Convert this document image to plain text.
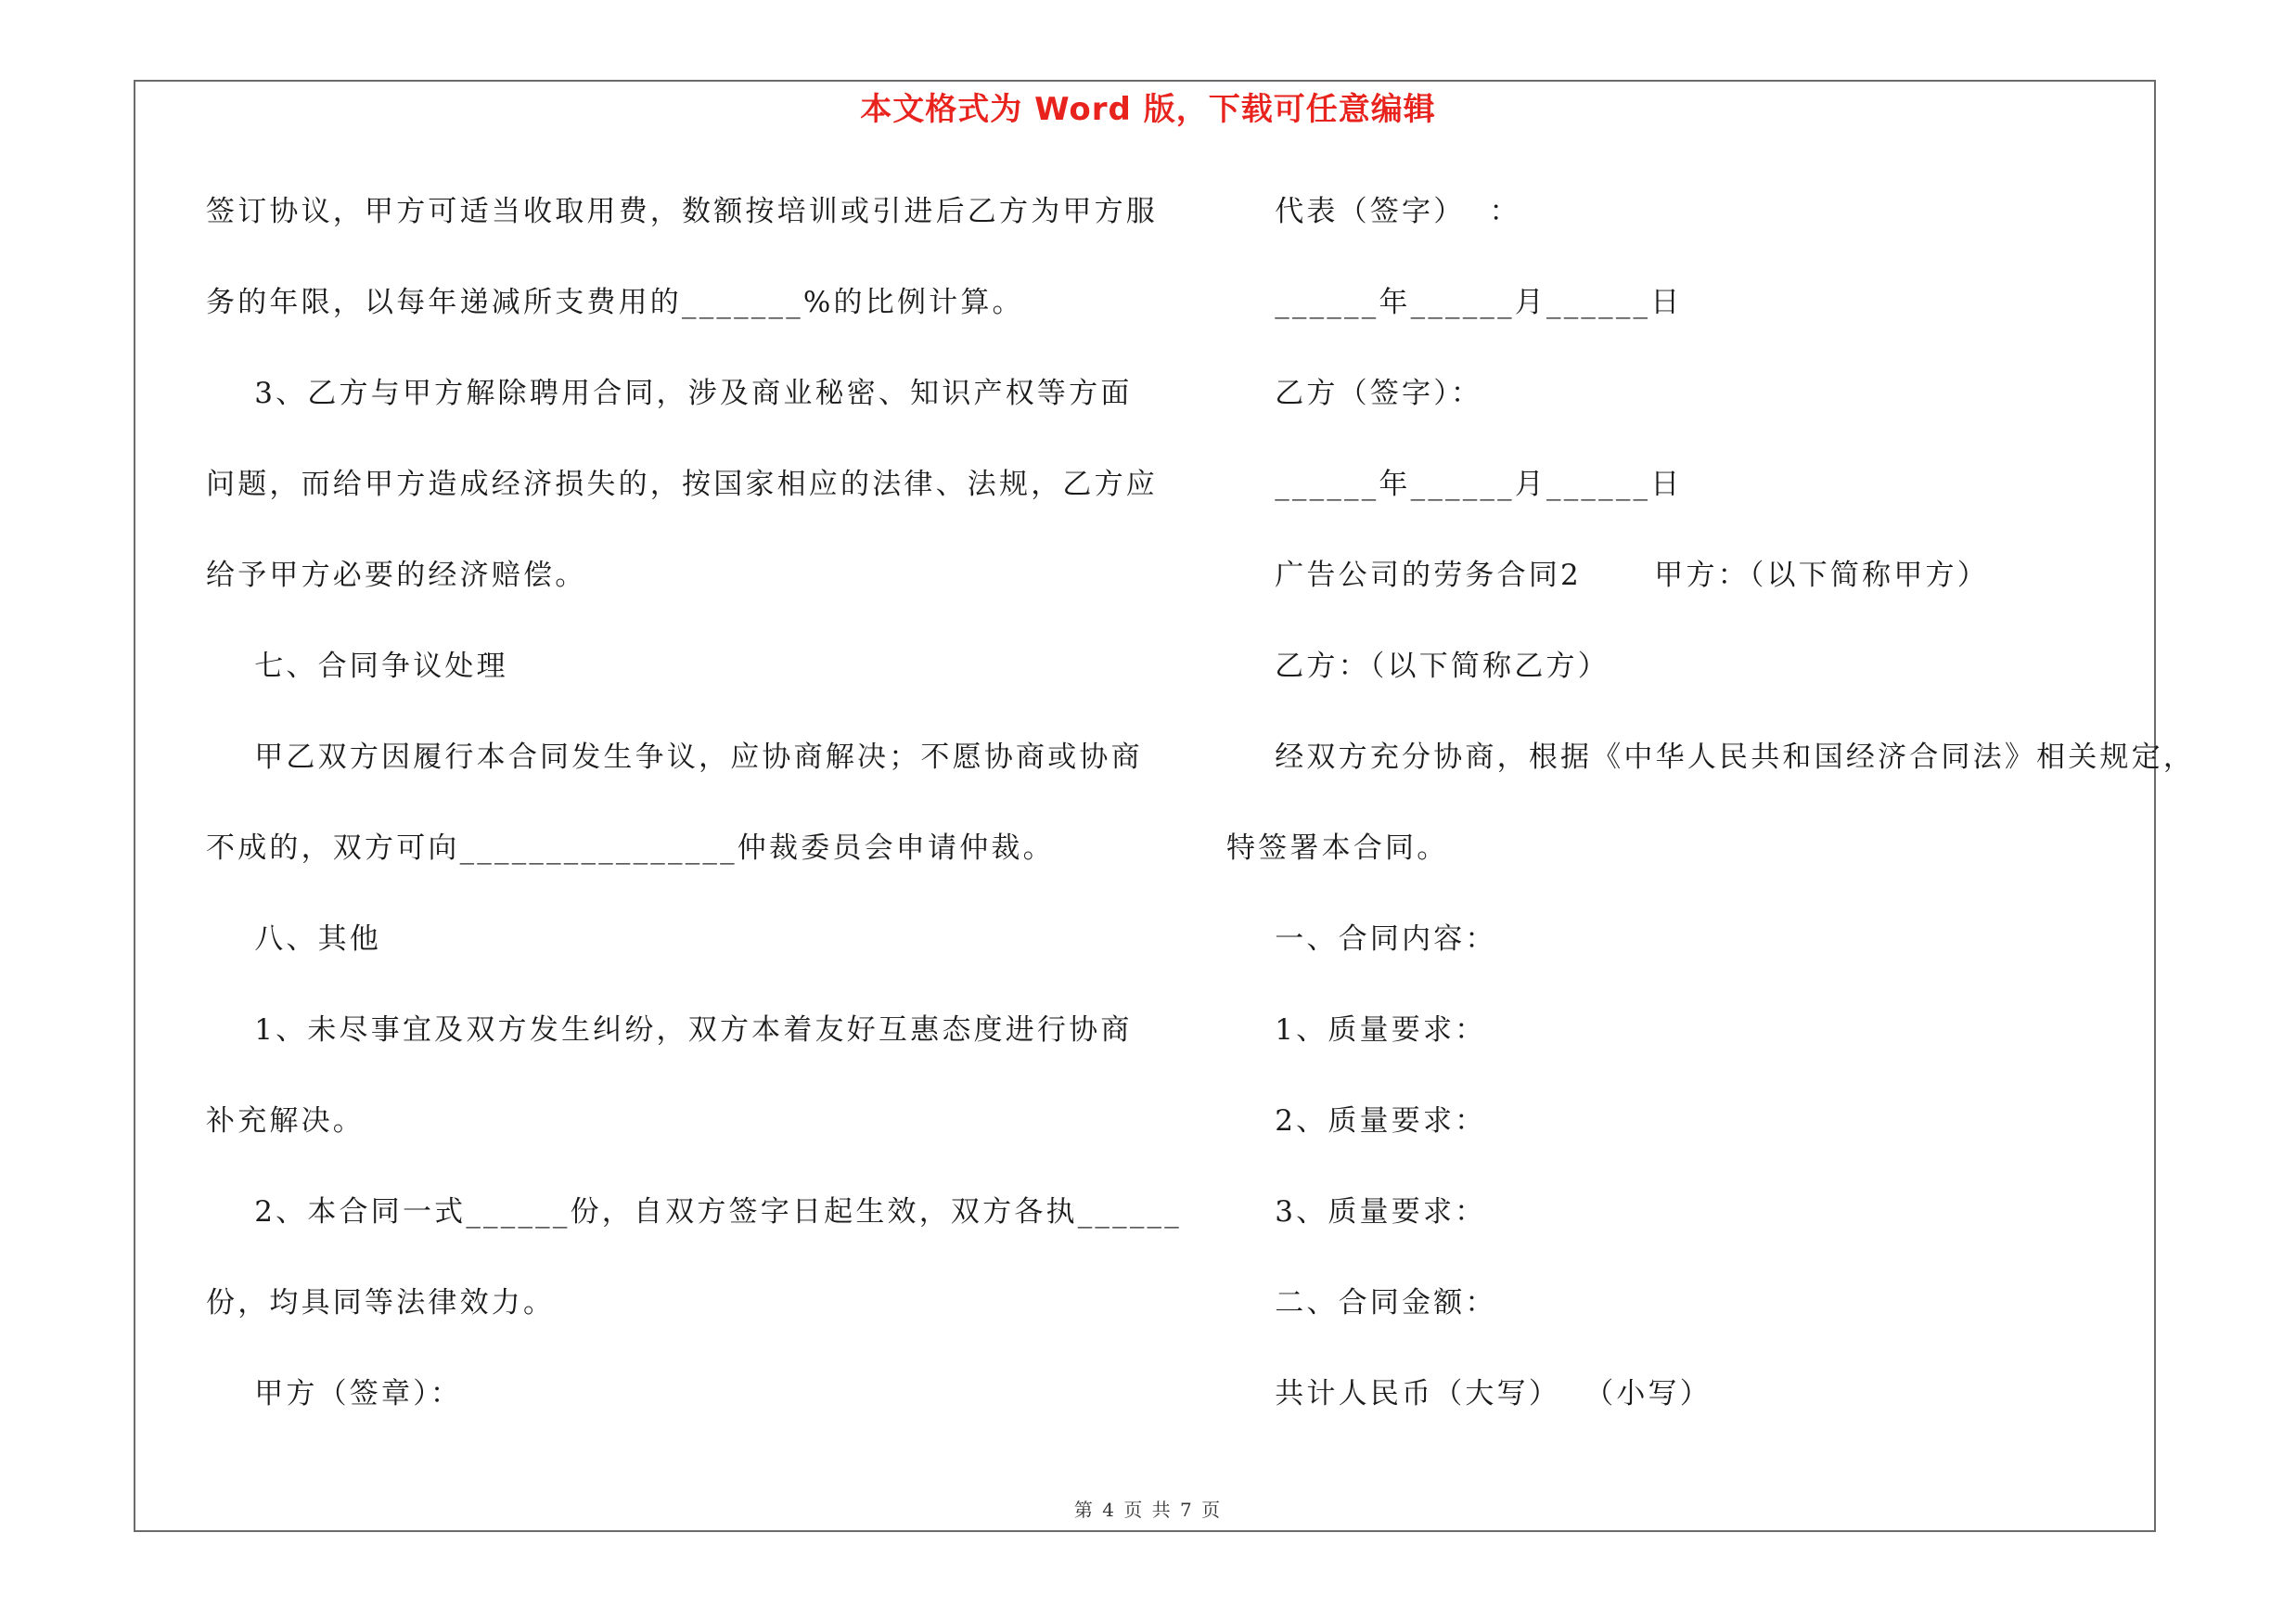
本文格式为 Word 版，下载可任意编辑
签订协议，甲方可适当收取用费，数额按培训或引进后乙方为甲方服
务的年限，以每年递减所支费用的_______%的比例计算。
3、乙方与甲方解除聘用合同，涉及商业秘密、知识产权等方面
问题，而给甲方造成经济损失的，按国家相应的法律、法规，乙方应
给予甲方必要的经济赔偿。
七、合同争议处理
甲乙双方因履行本合同发生争议，应协商解决；不愿协商或协商
不成的，双方可向________________仲裁委员会申请仲裁。
八、其他
1、未尽事宜及双方发生纠纷，双方本着友好互惠态度进行协商
补充解决。
2、本合同一式______份，自双方签字日起生效，双方各执______
份，均具同等法律效力。
甲方（签章）：
代表（签字）  ：
______年______月______日
乙方（签字）：
______年______月______日
广告公司的劳务合同2      甲方：（以下简称甲方）
乙方：（以下简称乙方）
经双方充分协商，根据《中华人民共和国经济合同法》相关规定，
特签署本合同。
一、合同内容：
1、质量要求：
2、质量要求：
3、质量要求：
二、合同金额：
共计人民币（大写）  （小写）
第 4 页 共 7 页
